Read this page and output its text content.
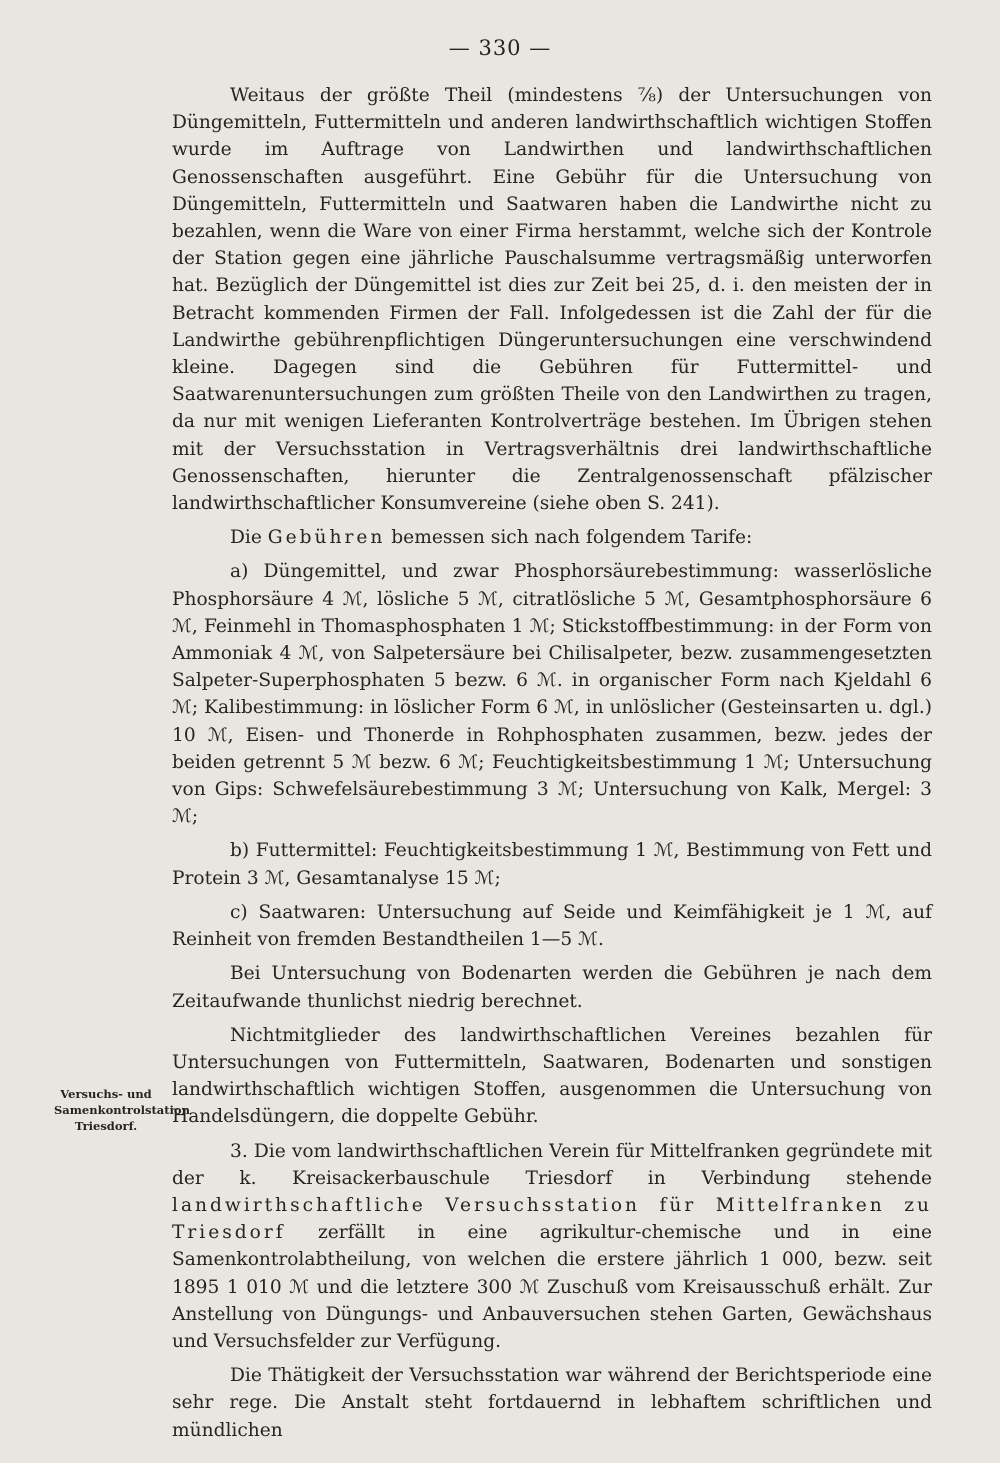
— 330 —
Versuchs- und Samenkontrolstation Triesdorf.

Weitaus der größte Theil (mindestens ⅞) der Untersuchungen von Düngemitteln, Futtermitteln und anderen landwirthschaftlich wichtigen Stoffen wurde im Auftrage von Landwirthen und landwirthschaftlichen Genossenschaften ausgeführt. Eine Gebühr für die Untersuchung von Düngemitteln, Futtermitteln und Saatwaren haben die Landwirthe nicht zu bezahlen, wenn die Ware von einer Firma herstammt, welche sich der Kontrole der Station gegen eine jährliche Pauschalsumme vertragsmäßig unterworfen hat. Bezüglich der Düngemittel ist dies zur Zeit bei 25, d. i. den meisten der in Betracht kommenden Firmen der Fall. Infolgedessen ist die Zahl der für die Landwirthe gebührenpflichtigen Düngeruntersuchungen eine verschwindend kleine. Dagegen sind die Gebühren für Futtermittel- und Saatwarenuntersuchungen zum größten Theile von den Landwirthen zu tragen, da nur mit wenigen Lieferanten Kontrolverträge bestehen. Im Übrigen stehen mit der Versuchsstation in Vertragsverhältnis drei landwirthschaftliche Genossenschaften, hierunter die Zentralgenossenschaft pfälzischer landwirthschaftlicher Konsumvereine (siehe oben S. 241).

Die Gebühren bemessen sich nach folgendem Tarife:

a) Düngemittel, und zwar Phosphorsäurebestimmung: wasserlösliche Phosphorsäure 4 ℳ, lösliche 5 ℳ, citratlösliche 5 ℳ, Gesamtphosphorsäure 6 ℳ, Feinmehl in Thomasphosphaten 1 ℳ; Stickstoffbestimmung: in der Form von Ammoniak 4 ℳ, von Salpetersäure bei Chilisalpeter, bezw. zusammengesetzten Salpeter-Superphosphaten 5 bezw. 6 ℳ. in organischer Form nach Kjeldahl 6 ℳ; Kalibestimmung: in löslicher Form 6 ℳ, in unlöslicher (Gesteinsarten u. dgl.) 10 ℳ, Eisen- und Thonerde in Rohphosphaten zusammen, bezw. jedes der beiden getrennt 5 ℳ bezw. 6 ℳ; Feuchtigkeitsbestimmung 1 ℳ; Untersuchung von Gips: Schwefelsäurebestimmung 3 ℳ; Untersuchung von Kalk, Mergel: 3 ℳ;

b) Futtermittel: Feuchtigkeitsbestimmung 1 ℳ, Bestimmung von Fett und Protein 3 ℳ, Gesamtanalyse 15 ℳ;

c) Saatwaren: Untersuchung auf Seide und Keimfähigkeit je 1 ℳ, auf Reinheit von fremden Bestandtheilen 1—5 ℳ.

Bei Untersuchung von Bodenarten werden die Gebühren je nach dem Zeitaufwande thunlichst niedrig berechnet.

Nichtmitglieder des landwirthschaftlichen Vereines bezahlen für Untersuchungen von Futtermitteln, Saatwaren, Bodenarten und sonstigen landwirthschaftlich wichtigen Stoffen, ausgenommen die Untersuchung von Handelsdüngern, die doppelte Gebühr.

3. Die vom landwirthschaftlichen Verein für Mittelfranken gegründete mit der k. Kreisackerbauschule Triesdorf in Verbindung stehende landwirthschaftliche Versuchsstation für Mittelfranken zu Triesdorf zerfällt in eine agrikultur-chemische und in eine Samenkontrolabtheilung, von welchen die erstere jährlich 1 000, bezw. seit 1895 1 010 ℳ und die letztere 300 ℳ Zuschuß vom Kreisausschuß erhält. Zur Anstellung von Düngungs- und Anbauversuchen stehen Garten, Gewächshaus und Versuchsfelder zur Verfügung.

Die Thätigkeit der Versuchsstation war während der Berichtsperiode eine sehr rege. Die Anstalt steht fortdauernd in lebhaftem schriftlichen und mündlichen
